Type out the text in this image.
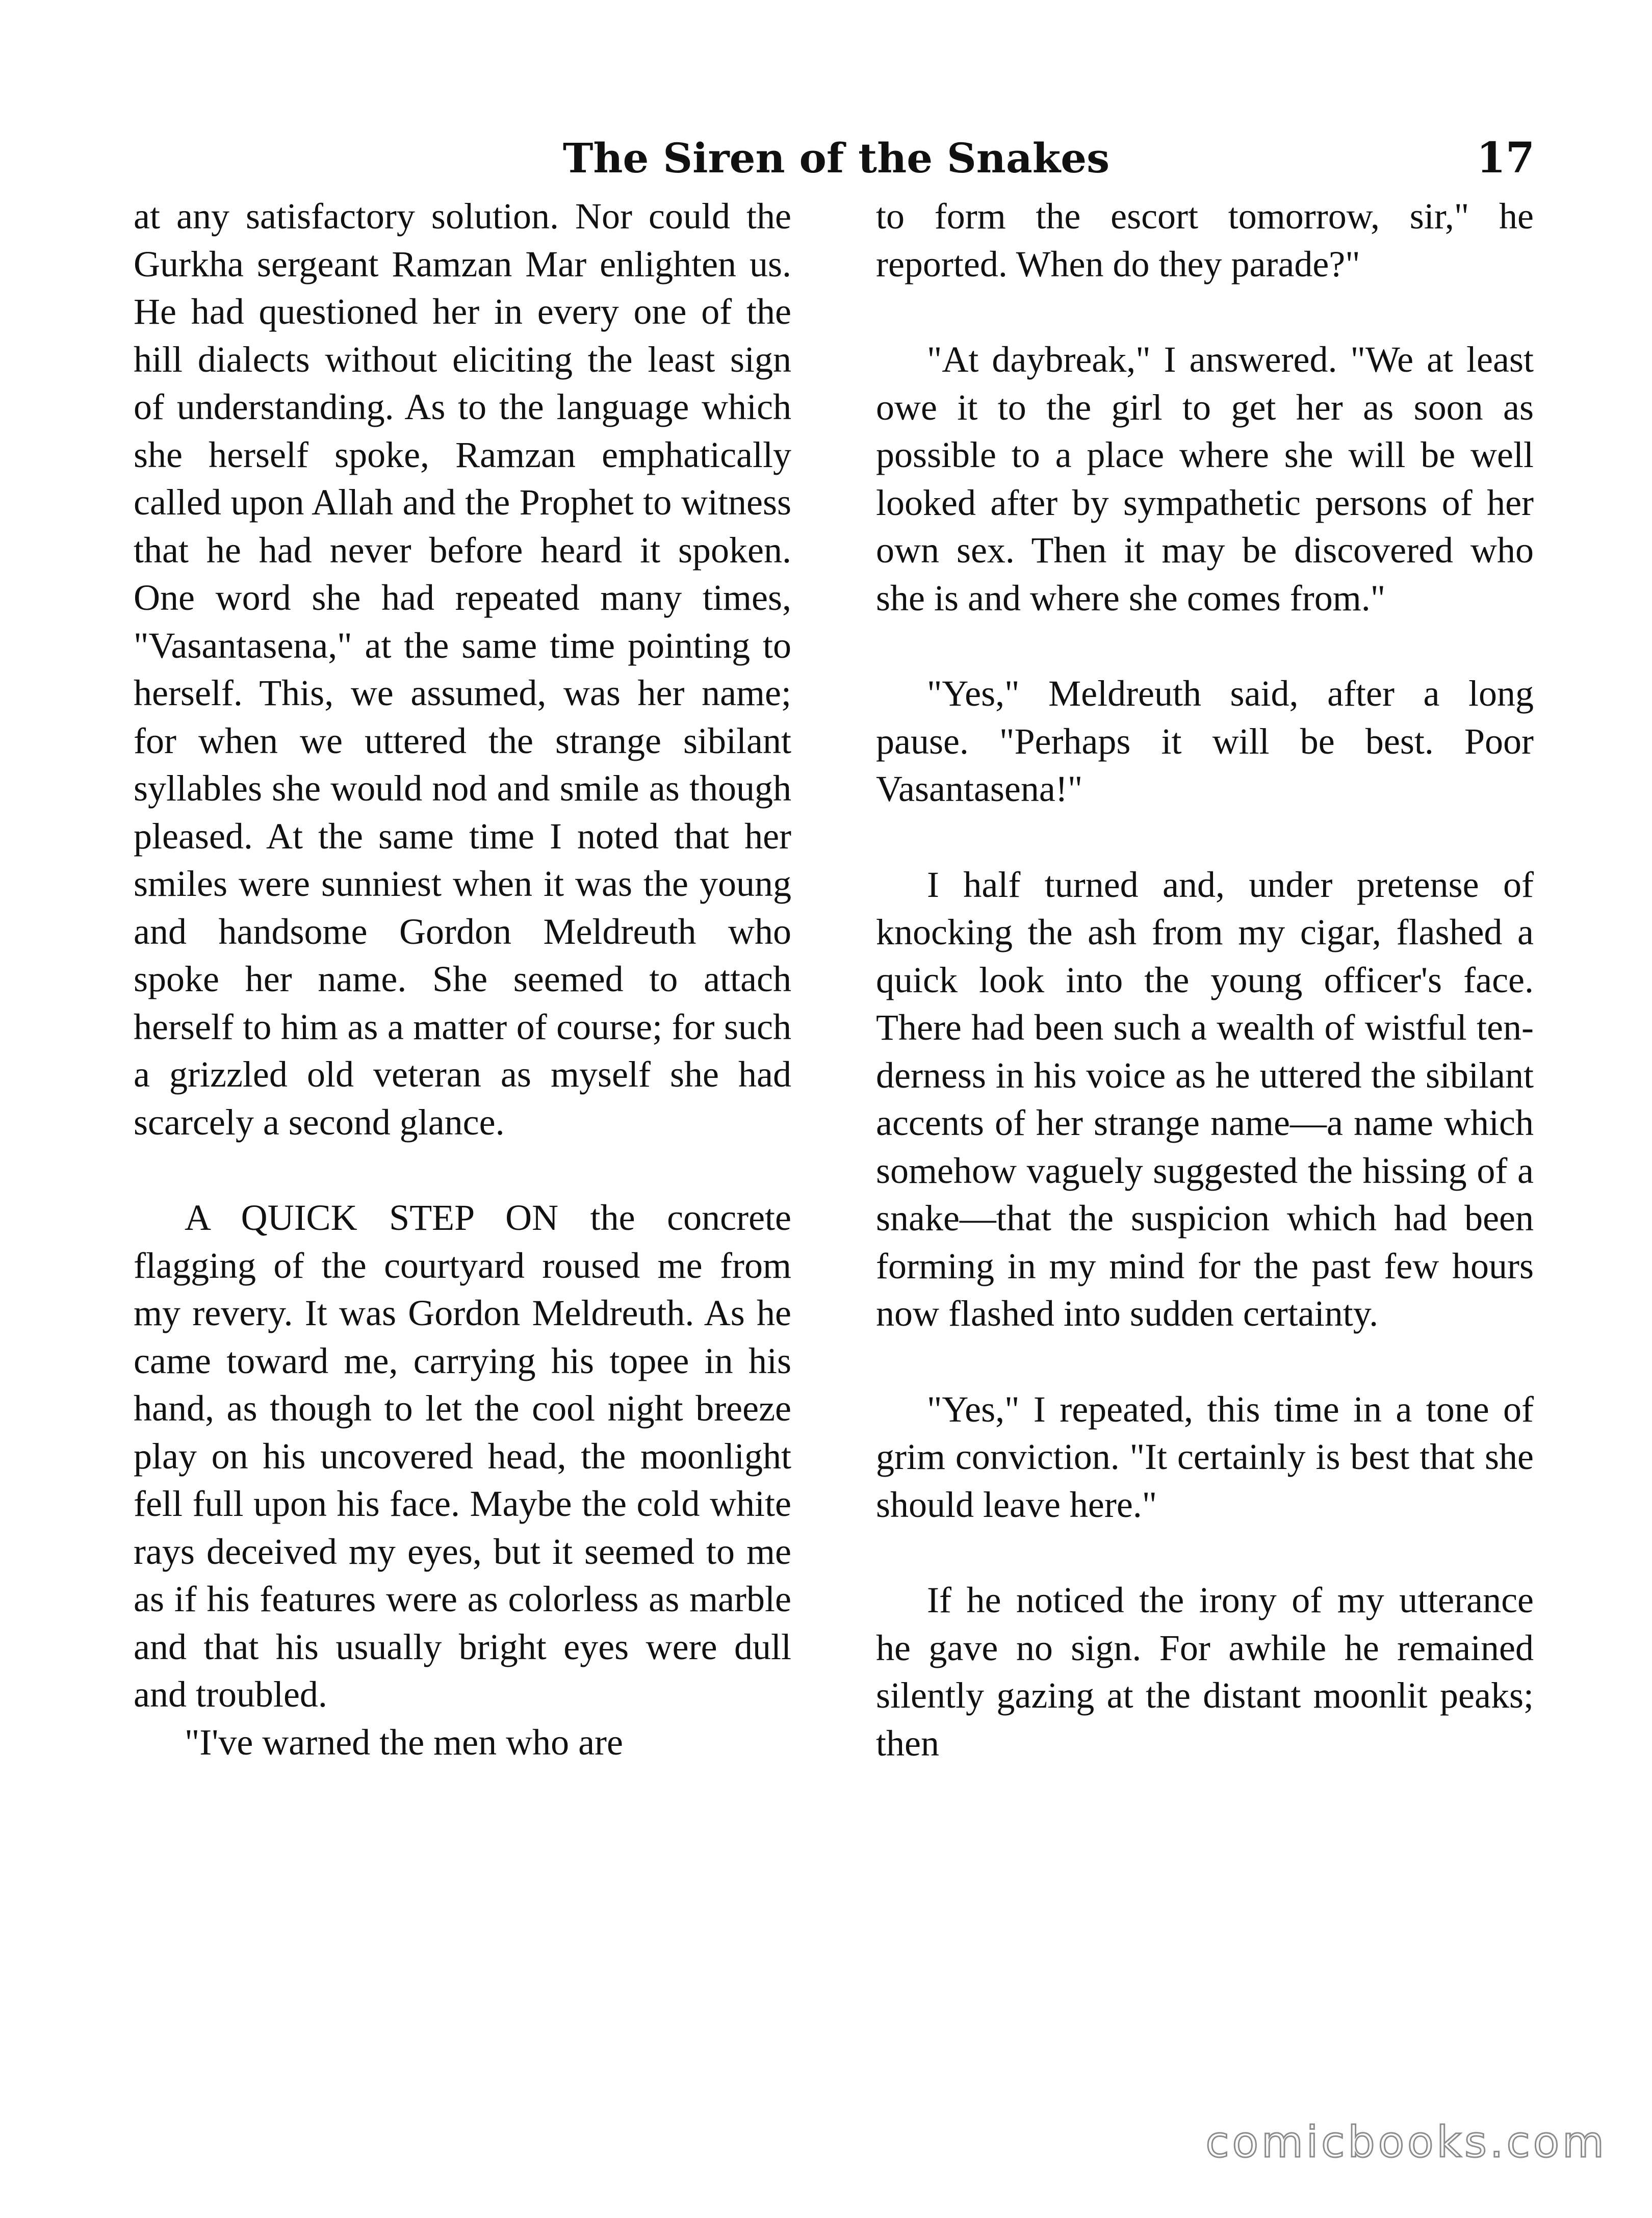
The Siren of the Snakes	17

at any satisfactory solution. Nor could the Gurkha sergeant Ramzan Mar enlighten us. He had questioned her in every one of the hill dialects without eliciting the least sign of understanding. As to the language which she herself spoke, Ramzan emphatically called upon Allah and the Prophet to witness that he had never before heard it spoken. One word she had repeated many times, "Vasantasena," at the same time pointing to herself. This, we assumed, was her name; for when we uttered the strange sibilant syllables she would nod and smile as though pleased. At the same time I noted that her smiles were sunniest when it was the young and handsome Gordon Meldreuth who spoke her name. She seemed to attach herself to him as a matter of course; for such a grizzled old veteran as myself she had scarcely a second glance.

A QUICK STEP ON the concrete flagging of the courtyard roused me from my revery. It was Gordon Meldreuth. As he came toward me, carrying his topee in his hand, as though to let the cool night breeze play on his uncovered head, the moonlight fell full upon his face. Maybe the cold white rays deceived my eyes, but it seemed to me as if his features were as colorless as marble and that his usually bright eyes were dull and troubled.

"I've warned the men who are

to form the escort tomorrow, sir," he reported. When do they parade?"

"At daybreak," I answered. "We at least owe it to the girl to get her as soon as possible to a place where she will be well looked after by sympathetic persons of her own sex. Then it may be discovered who she is and where she comes from."

"Yes," Meldreuth said, after a long pause. "Perhaps it will be best. Poor Vasantasena!"

I half turned and, under pretense of knocking the ash from my cigar, flashed a quick look into the young officer's face. There had been such a wealth of wistful tenderness in his voice as he uttered the sibilant accents of her strange name—a name which somehow vaguely suggested the hissing of a snake—that the suspicion which had been forming in my mind for the past few hours now flashed into sudden certainty.

"Yes," I repeated, this time in a tone of grim conviction. "It certainly is best that she should leave here."

If he noticed the irony of my utterance he gave no sign. For awhile he remained silently gazing at the distant moonlit peaks; then

comicbooks.com
